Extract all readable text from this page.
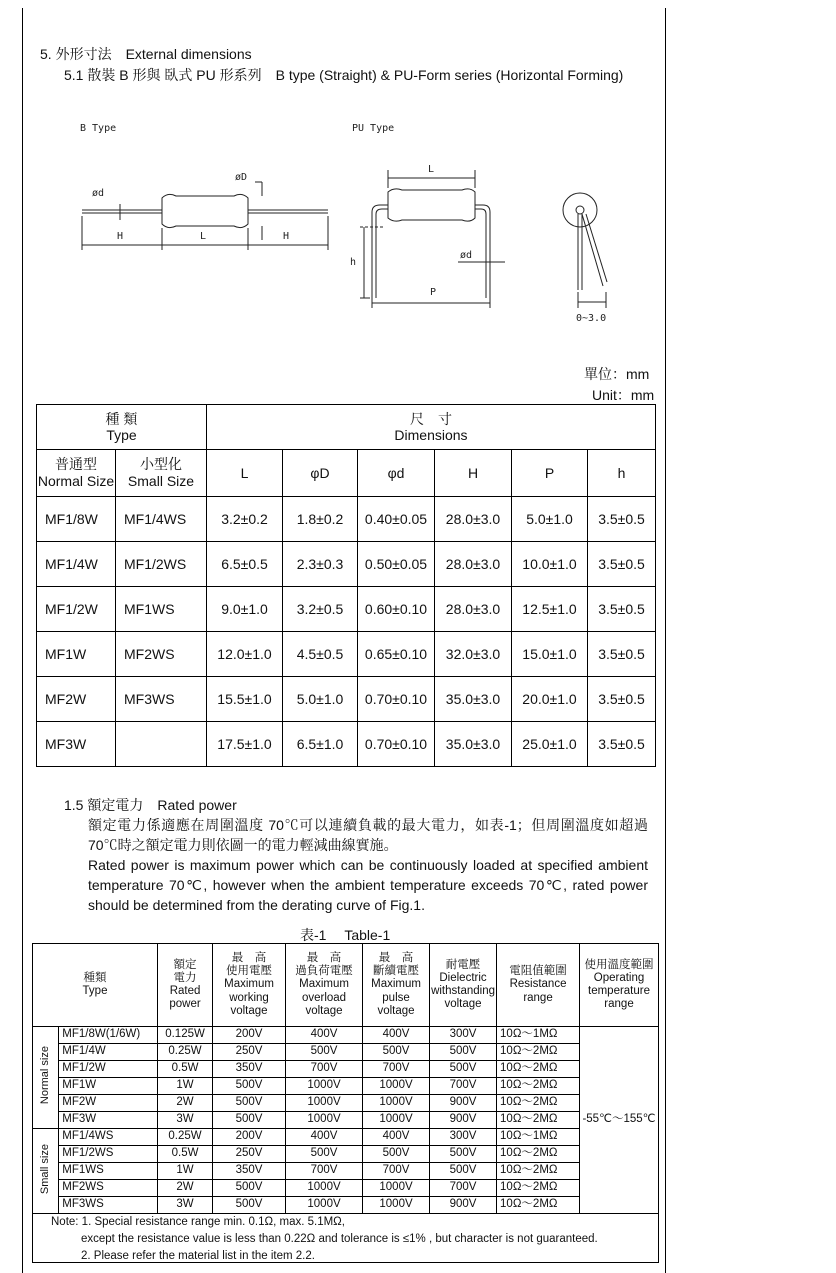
5. 外形寸法　External dimensions
5.1 散裝 B 形與 臥式 PU 形系列　B type (Straight) & PU-Form series (Horizontal Forming)
B Type
ød
øD
H	L	H
PU Type
L
h
ød
P
0~3.0
單位：mm
Unit：mm
種 類
Type		尺　寸
Dimensions					
普通型
Normal Size	小型化
Small Size	L	φD	φd	H	P	h
MF1/8W	MF1/4WS	3.2±0.2	1.8±0.2	0.40±0.05	28.0±3.0	5.0±1.0	3.5±0.5
MF1/4W	MF1/2WS	6.5±0.5	2.3±0.3	0.50±0.05	28.0±3.0	10.0±1.0	3.5±0.5
MF1/2W	MF1WS	9.0±1.0	3.2±0.5	0.60±0.10	28.0±3.0	12.5±1.0	3.5±0.5
MF1W	MF2WS	12.0±1.0	4.5±0.5	0.65±0.10	32.0±3.0	15.0±1.0	3.5±0.5
MF2W	MF3WS	15.5±1.0	5.0±1.0	0.70±0.10	35.0±3.0	20.0±1.0	3.5±0.5
MF3W		17.5±1.0	6.5±1.0	0.70±0.10	35.0±3.0	25.0±1.0	3.5±0.5
1.5 額定電力　Rated power
額定電力係適應在周圍溫度 70℃可以連續負載的最大電力，如表-1；但周圍溫度如超過 70℃時之額定電力則依圖一的電力輕減曲線實施。
Rated power is maximum power which can be continuously loaded at specified ambient temperature 70℃, however when the ambient temperature exceeds 70℃, rated power should be determined from the derating curve of Fig.1.
表-1　 Table-1
種類
Type		額定
電力
Rated power	最　高
使用電壓
Maximum
working
voltage	最　高
過負荷電壓
Maximum
overload
voltage	最　高
斷續電壓
Maximum
pulse
voltage	耐電壓
Dielectric
withstanding
voltage	電阻值範圍
Resistance
range	使用溫度範圍
Operating
temperature
range
Normal size	MF1/8W(1/6W)	0.125W	200V	400V	400V	300V	10Ω～1MΩ	-55℃～155℃
	MF1/4W	0.25W	250V	500V	500V	500V	10Ω～2MΩ	
	MF1/2W	0.5W	350V	700V	700V	500V	10Ω～2MΩ	
	MF1W	1W	500V	1000V	1000V	700V	10Ω～2MΩ	
	MF2W	2W	500V	1000V	1000V	900V	10Ω～2MΩ	
	MF3W	3W	500V	1000V	1000V	900V	10Ω～2MΩ	
Small size	MF1/4WS	0.25W	200V	400V	400V	300V	10Ω～1MΩ	
	MF1/2WS	0.5W	250V	500V	500V	500V	10Ω～2MΩ	
	MF1WS	1W	350V	700V	700V	500V	10Ω～2MΩ	
	MF2WS	2W	500V	1000V	1000V	700V	10Ω～2MΩ	
	MF3WS	3W	500V	1000V	1000V	900V	10Ω～2MΩ	

Note: 1. Special resistance range min. 0.1Ω, max. 5.1MΩ,
except the resistance value is less than 0.22Ω and tolerance is ≤1% , but character is not guaranteed.
2. Please refer the material list in the item 2.2.								
